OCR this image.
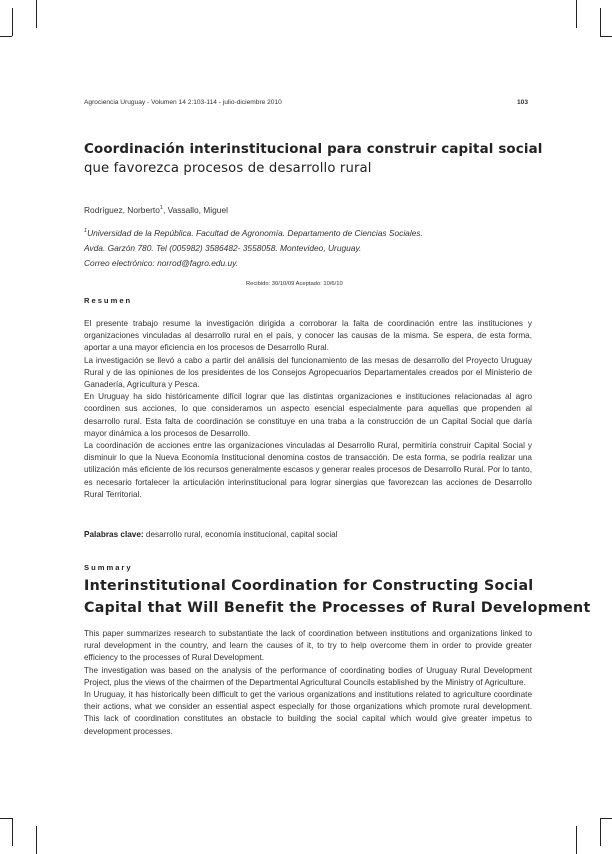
Agrociencia Uruguay - Volumen 14 2:103-114 - julio-diciembre 2010	103
Coordinación interinstitucional para construir capital social
que favorezca procesos de desarrollo rural
Rodríguez, Norberto$^1$, Vassallo, Miguel
$^1$Universidad de la República. Facultad de Agronomía. Departamento de Ciencias Sociales.
Avda. Garzón 780. Tel (005982) 3586482- 3558058. Montevideo, Uruguay.
Correo electrónico: norrod@fagro.edu.uy.
Recibido: 30/10/09 Aceptado: 10/6/10
Resumen

El presente trabajo resume la investigación dirigida a corroborar la falta de coordinación entre las instituciones y organizaciones vinculadas al desarrollo rural en el país, y conocer las causas de la misma. Se espera, de esta forma, aportar a una mayor eficiencia en los procesos de Desarrollo Rural.

La investigación se llevó a cabo a partir del análisis del funcionamiento de las mesas de desarrollo del Proyecto Uruguay Rural y de las opiniones de los presidentes de los Consejos Agropecuarios Departamentales creados por el Ministerio de Ganadería, Agricultura y Pesca.

En Uruguay ha sido históricamente difícil lograr que las distintas organizaciones e instituciones relacionadas al agro coordinen sus acciones, lo que consideramos un aspecto esencial especialmente para aquellas que propenden al desarrollo rural. Esta falta de coordinación se constituye en una traba a la construcción de un Capital Social que daría mayor dinámica a los procesos de Desarrollo.

La coordinación de acciones entre las organizaciones vinculadas al Desarrollo Rural, permitiría construir Capital Social y disminuir lo que la Nueva Economía Institucional denomina costos de transacción. De esta forma, se podría realizar una utilización más eficiente de los recursos generalmente escasos y generar reales procesos de Desarrollo Rural. Por lo tanto, es necesario fortalecer la articulación interinstitucional para lograr sinergias que favorezcan las acciones de Desarrollo Rural Territorial.

Palabras clave: desarrollo rural, economía institucional, capital social
Summary
Interinstitutional Coordination for Constructing Social
Capital that Will Benefit the Processes of Rural Development

This paper summarizes research to substantiate the lack of coordination between institutions and organizations linked to rural development in the country, and learn the causes of it, to try to help overcome them in order to provide greater efficiency to the processes of Rural Development.

The investigation was based on the analysis of the performance of coordinating bodies of Uruguay Rural Development Project, plus the views of the chairmen of the Departmental Agricultural Councils established by the Ministry of Agriculture.

In Uruguay, it has historically been difficult to get the various organizations and institutions related to agriculture coordinate their actions, what we consider an essential aspect especially for those organizations which promote rural development. This lack of coordination constitutes an obstacle to building the social capital which would give greater impetus to development processes.
